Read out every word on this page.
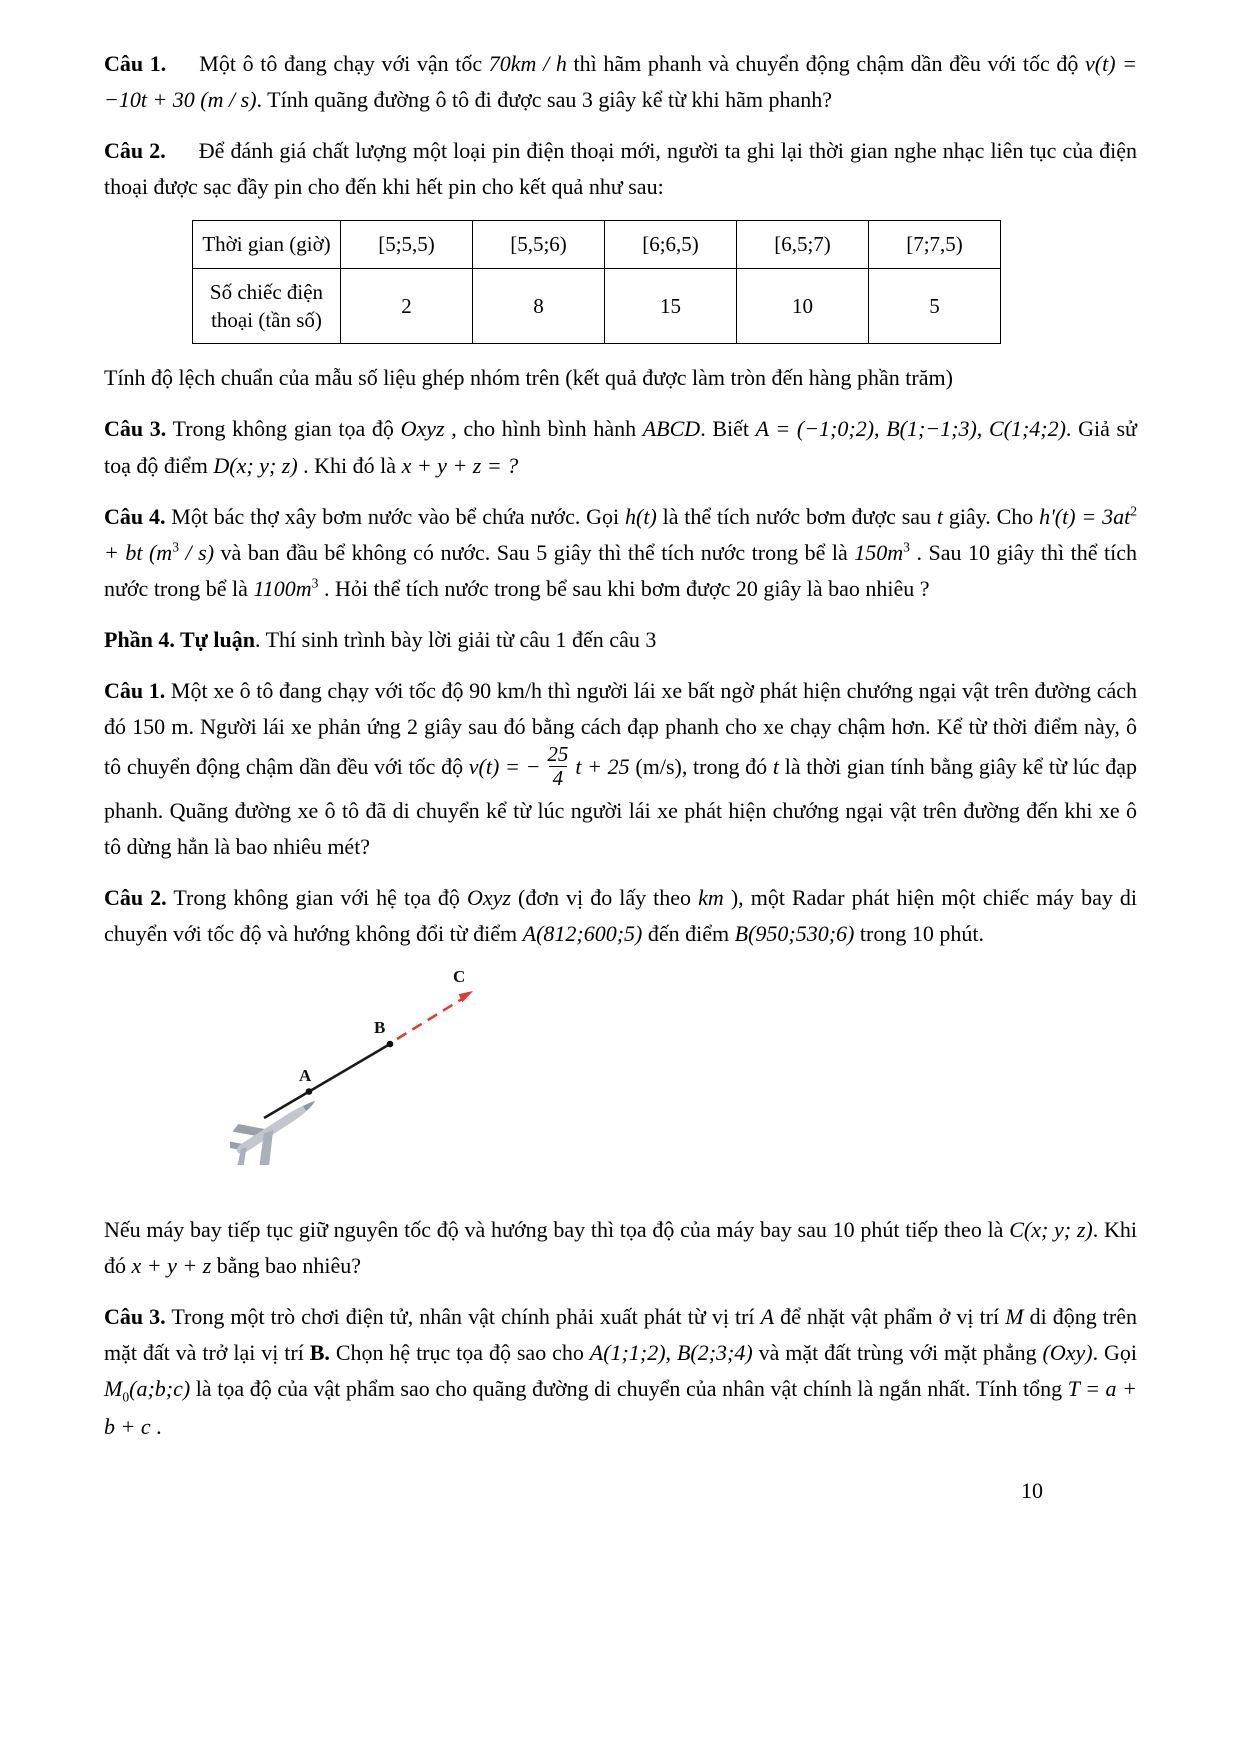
Câu 1.  Một ô tô đang chạy với vận tốc 70km / h thì hãm phanh và chuyển động chậm dần đều với tốc độ v(t) = −10t + 30 (m / s). Tính quãng đường ô tô đi được sau 3 giây kể từ khi hãm phanh?

Câu 2.  Để đánh giá chất lượng một loại pin điện thoại mới, người ta ghi lại thời gian nghe nhạc liên tục của điện thoại được sạc đầy pin cho đến khi hết pin cho kết quả như sau:

Thời gian (giờ)	[5;5,5)	[5,5;6)	[6;6,5)	[6,5;7)	[7;7,5)
Số chiếc điện thoại (tần số)	2	8	15	10	5

Tính độ lệch chuẩn của mẫu số liệu ghép nhóm trên (kết quả được làm tròn đến hàng phần trăm)

Câu 3. Trong không gian tọa độ Oxyz , cho hình bình hành ABCD. Biết A = (−1;0;2), B(1;−1;3), C(1;4;2). Giả sử toạ độ điểm D(x; y; z) . Khi đó là x + y + z = ?

Câu 4. Một bác thợ xây bơm nước vào bể chứa nước. Gọi h(t) là thể tích nước bơm được sau t giây. Cho $h'(t) = 3at^2$ + bt $(m^3 / s)$ và ban đầu bể không có nước. Sau 5 giây thì thể tích nước trong bể là $150m^3$ . Sau 10 giây thì thể tích nước trong bể là $1100m^3$ . Hỏi thể tích nước trong bể sau khi bơm được 20 giây là bao nhiêu ?

Phần 4. Tự luận. Thí sinh trình bày lời giải từ câu 1 đến câu 3

Câu 1. Một xe ô tô đang chạy với tốc độ 90 km/h thì người lái xe bất ngờ phát hiện chướng ngại vật trên đường cách đó 150 m. Người lái xe phản ứng 2 giây sau đó bằng cách đạp phanh cho xe chạy chậm hơn. Kể từ thời điểm này, ô tô chuyển động chậm dần đều với tốc độ v(t) = − $\frac{25}{4}$ t + 25 (m/s), trong đó t là thời gian tính bằng giây kể từ lúc đạp phanh. Quãng đường xe ô tô đã di chuyển kể từ lúc người lái xe phát hiện chướng ngại vật trên đường đến khi xe ô tô dừng hẳn là bao nhiêu mét?

Câu 2. Trong không gian với hệ tọa độ Oxyz (đơn vị đo lấy theo km ), một Radar phát hiện một chiếc máy bay di chuyển với tốc độ và hướng không đổi từ điểm A(812;600;5) đến điểm B(950;530;6) trong 10 phút.

A
B
C

Nếu máy bay tiếp tục giữ nguyên tốc độ và hướng bay thì tọa độ của máy bay sau 10 phút tiếp theo là C(x; y; z). Khi đó x + y + z bằng bao nhiêu?

Câu 3. Trong một trò chơi điện tử, nhân vật chính phải xuất phát từ vị trí A để nhặt vật phẩm ở vị trí M di động trên mặt đất và trở lại vị trí B. Chọn hệ trục tọa độ sao cho A(1;1;2), B(2;3;4) và mặt đất trùng với mặt phẳng (Oxy). Gọi $M_0(a;b;c)$ là tọa độ của vật phẩm sao cho quãng đường di chuyển của nhân vật chính là ngắn nhất. Tính tổng T = a + b + c .

10
